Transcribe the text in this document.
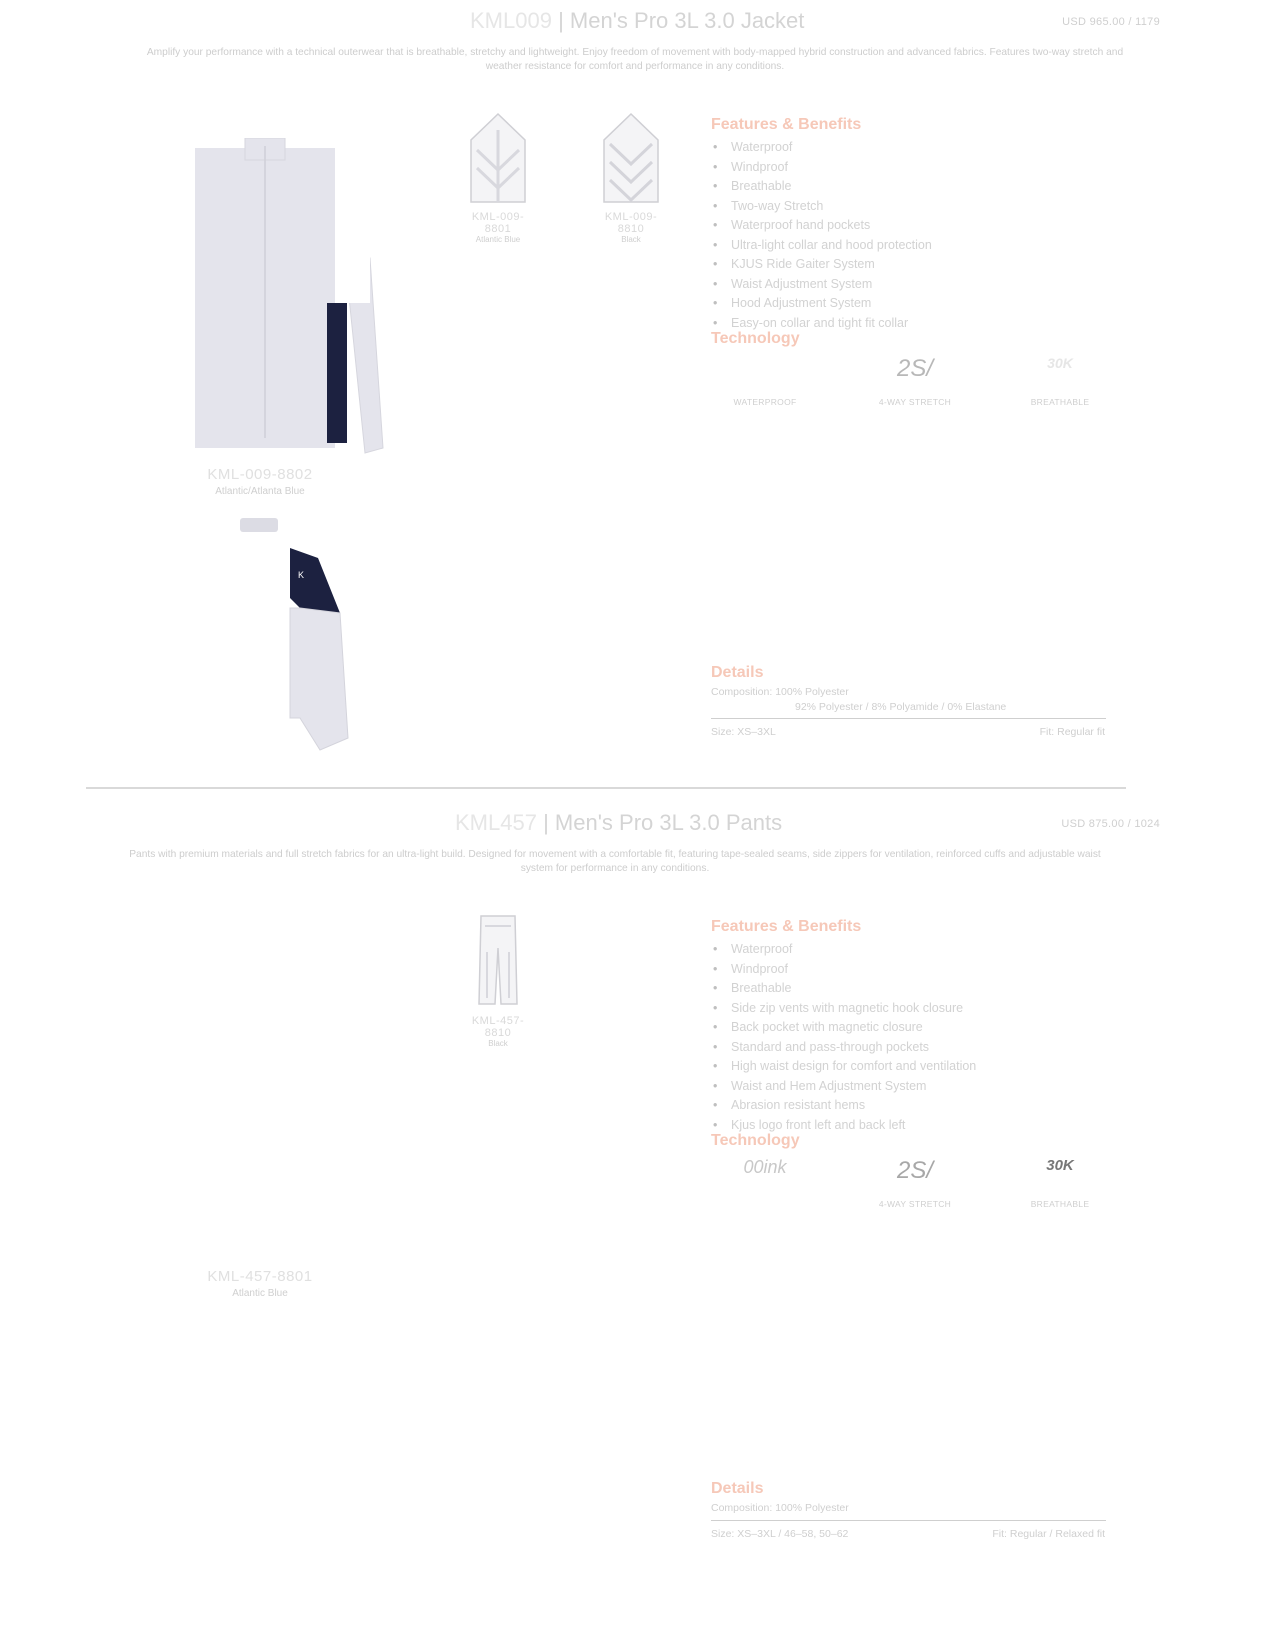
KML009 | Men's Pro 3L 3.0 Jacket	USD 965.00 / 1179
Amplify your performance with a technical outerwear that is breathable, stretchy and lightweight. Enjoy freedom of movement with body-mapped hybrid construction and advanced fabrics. Features two-way stretch and weather resistance for comfort and performance in any conditions.
KML-009-8802
Atlantic/Atlanta Blue
K
KML-009-8801
Atlantic Blue
KML-009-8810
Black
Features & Benefits
• Waterproof
• Windproof
• Breathable
• Two-way Stretch
• Waterproof hand pockets
• Ultra-light collar and hood protection
• KJUS Ride Gaiter System
• Waist Adjustment System
• Hood Adjustment System
• Easy-on collar and tight fit collar
Technology
WATERPROOF
2S/
4-WAY STRETCH
30K
BREATHABLE
Details
Composition: 100% Polyester
92% Polyester / 8% Polyamide / 0% Elastane
Size: XS–3XL	Fit: Regular fit
KML457 | Men's Pro 3L 3.0 Pants	USD 875.00 / 1024
Pants with premium materials and full stretch fabrics for an ultra-light build. Designed for movement with a comfortable fit, featuring tape-sealed seams, side zippers for ventilation, reinforced cuffs and adjustable waist system for performance in any conditions.
KML-457-8810
Black
KML-457-8801
Atlantic Blue
Features & Benefits
• Waterproof
• Windproof
• Breathable
• Side zip vents with magnetic hook closure
• Back pocket with magnetic closure
• Standard and pass-through pockets
• High waist design for comfort and ventilation
• Waist and Hem Adjustment System
• Abrasion resistant hems
• Kjus logo front left and back left
Technology
00ink	2S/
4-WAY STRETCH
30K
BREATHABLE
Details
Composition: 100% Polyester
Size: XS–3XL / 46–58, 50–62	Fit: Regular / Relaxed fit
